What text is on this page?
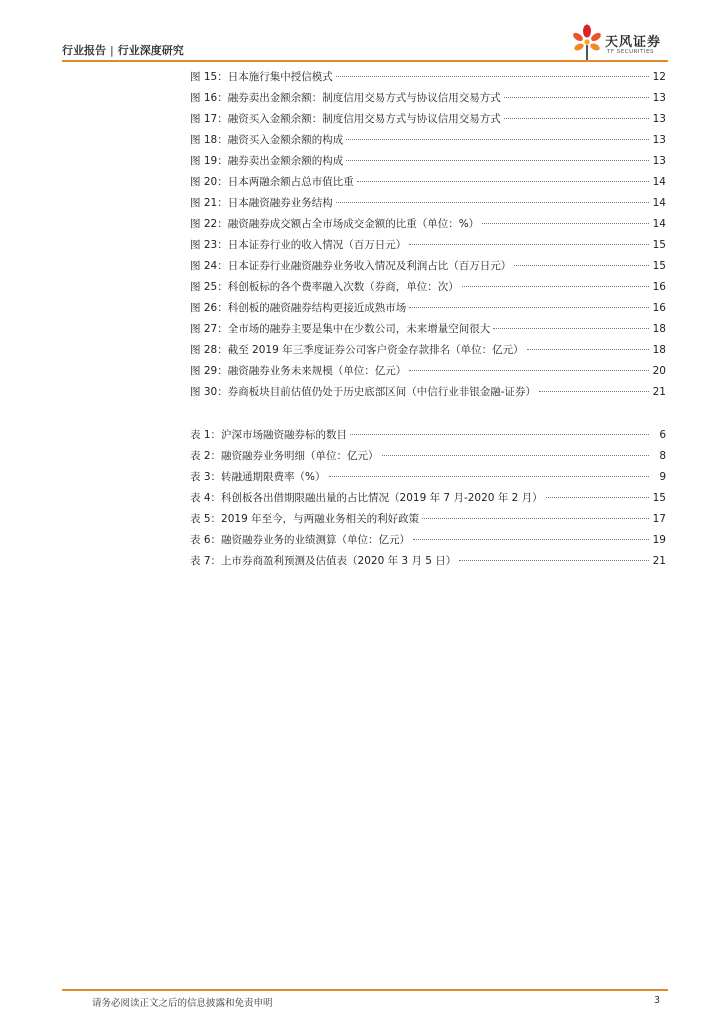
行业报告 | 行业深度研究
天风证券
TF SECURITIES
图 15： 日本施行集中授信模式	12
图 16： 融券卖出金额余额：制度信用交易方式与协议信用交易方式	13
图 17： 融资买入金额余额：制度信用交易方式与协议信用交易方式	13
图 18： 融资买入金额余额的构成	13
图 19： 融券卖出金额余额的构成	13
图 20： 日本两融余额占总市值比重	14
图 21： 日本融资融券业务结构	14
图 22： 融资融券成交额占全市场成交金额的比重（单位：%）	14
图 23： 日本证券行业的收入情况（百万日元）	15
图 24： 日本证券行业融资融券业务收入情况及利润占比（百万日元）	15
图 25： 科创板标的各个费率融入次数（券商，单位：次）	16
图 26： 科创板的融资融券结构更接近成熟市场	16
图 27： 全市场的融券主要是集中在少数公司，未来增量空间很大	18
图 28： 截至 2019 年三季度证券公司客户资金存款排名（单位：亿元）	18
图 29： 融资融券业务未来规模（单位：亿元）	20
图 30： 券商板块目前估值仍处于历史底部区间（中信行业非银金融-证券）	21
表 1： 沪深市场融资融券标的数目	6
表 2： 融资融券业务明细（单位：亿元）	8
表 3： 转融通期限费率（%）	9
表 4： 科创板各出借期限融出量的占比情况（2019 年 7 月-2020 年 2 月）	15
表 5： 2019 年至今，与两融业务相关的利好政策	17
表 6： 融资融券业务的业绩测算（单位：亿元）	19
表 7： 上市券商盈利预测及估值表（2020 年 3 月 5 日）	21
请务必阅读正文之后的信息披露和免责申明	3
